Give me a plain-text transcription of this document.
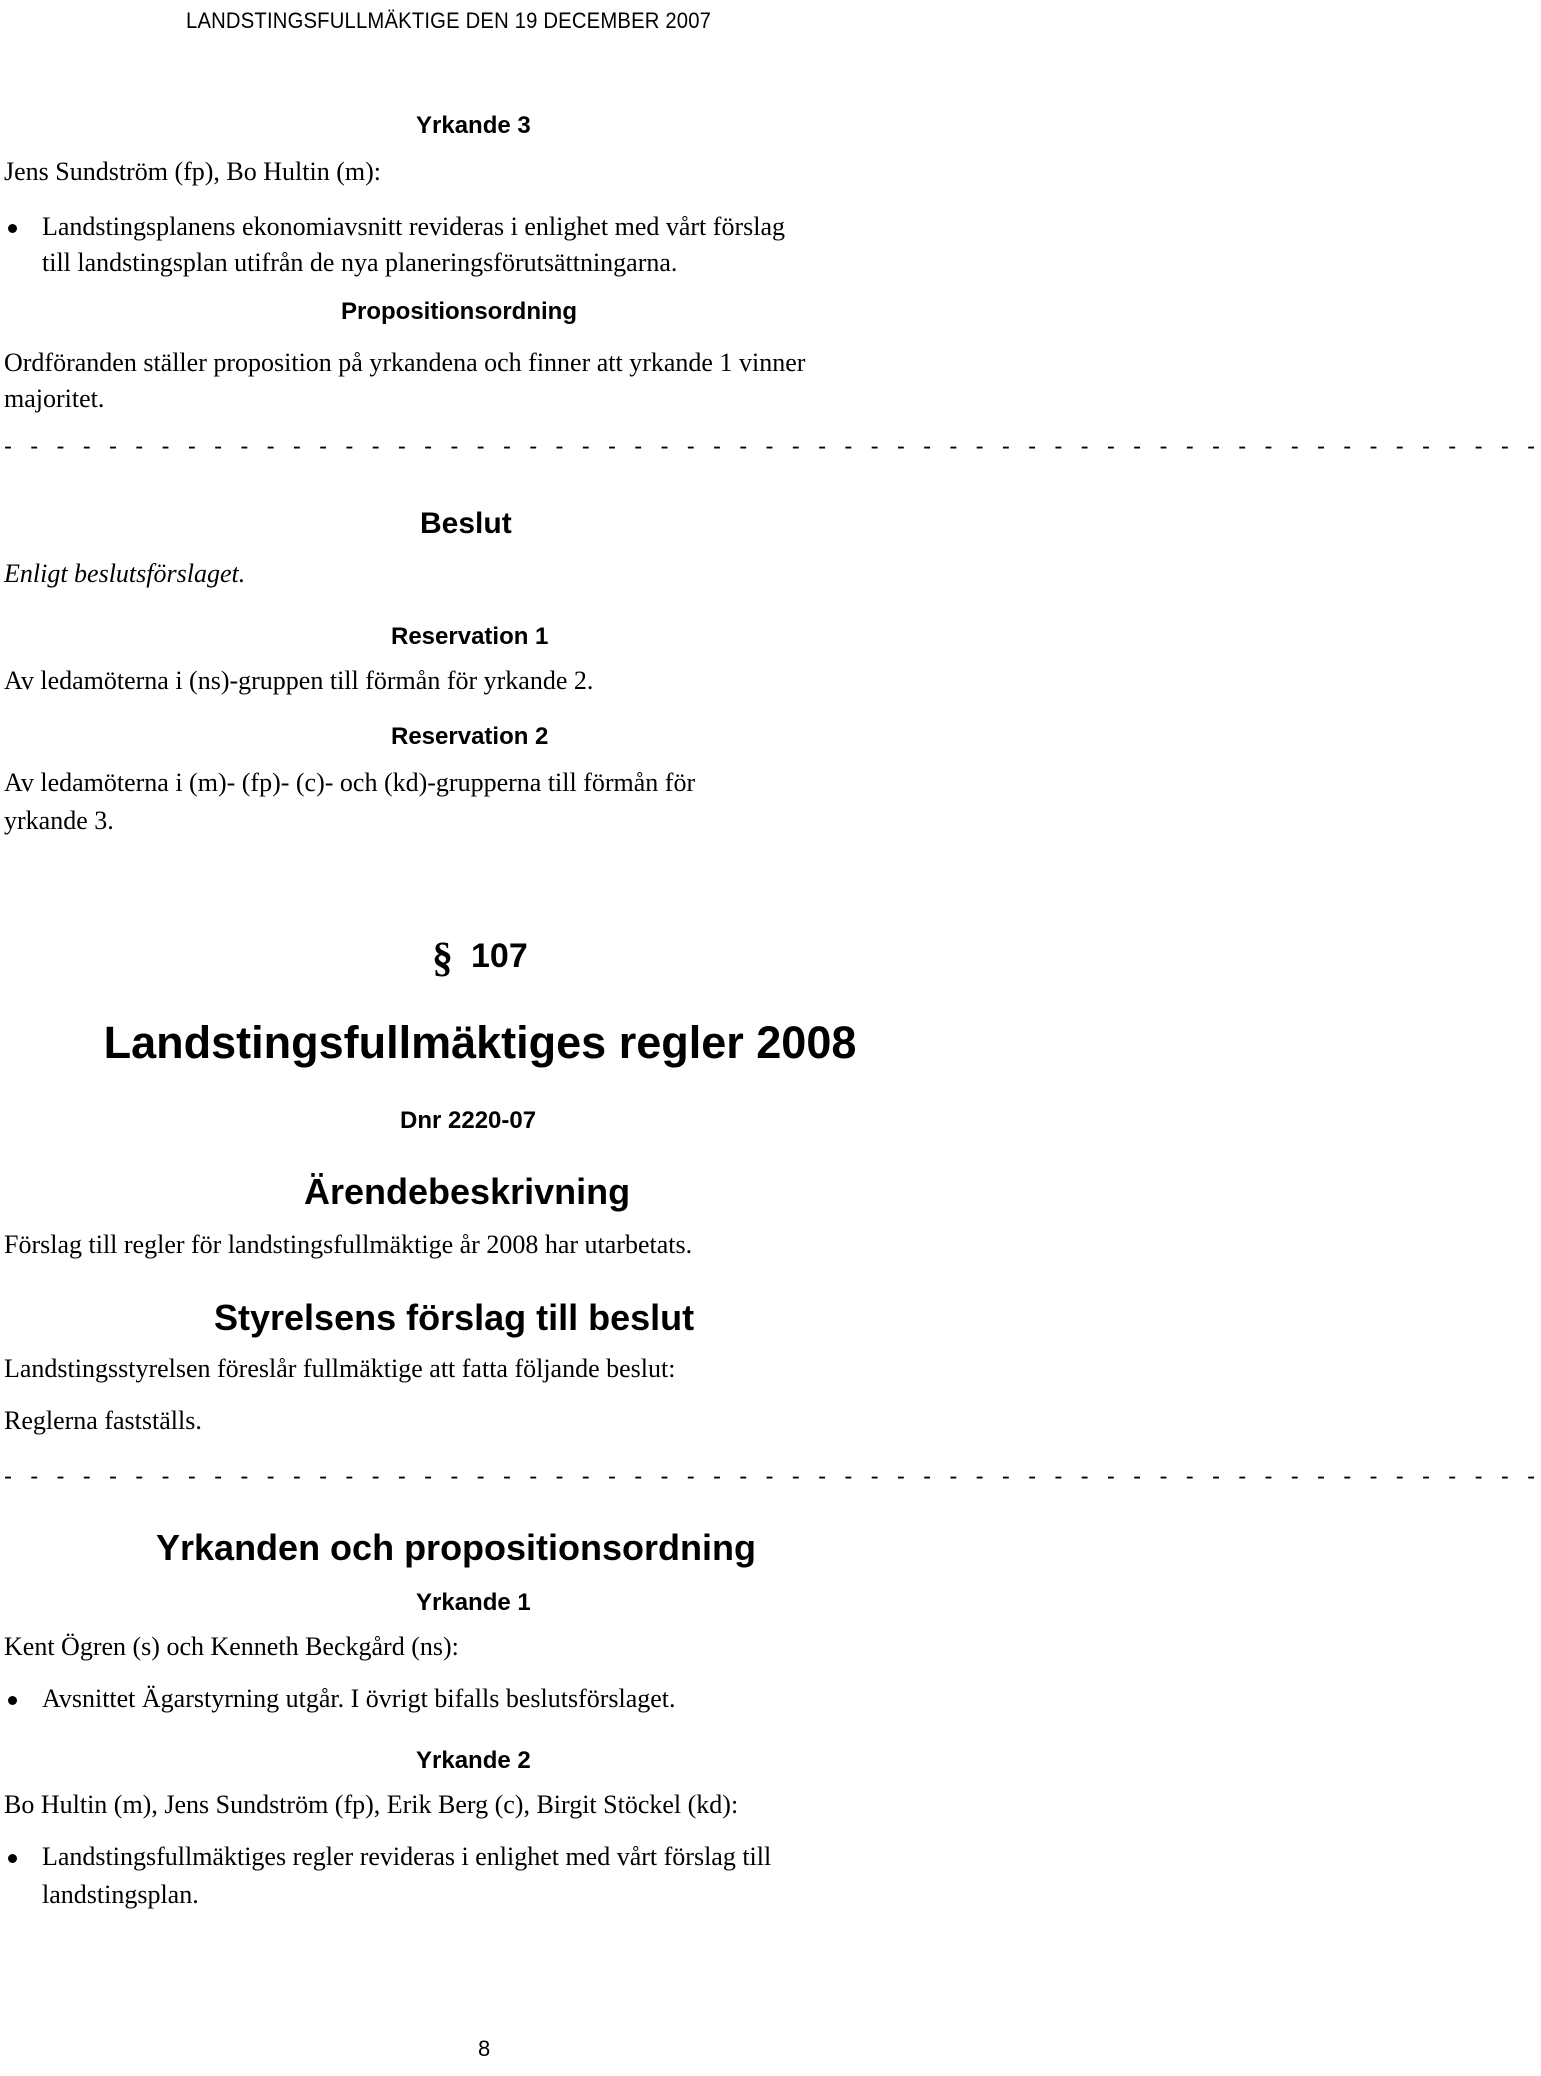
LANDSTINGSFULLMÄKTIGE DEN 19 DECEMBER 2007
Yrkande 3
Jens Sundström (fp), Bo Hultin (m):
Landstingsplanens ekonomiavsnitt revideras i enlighet med vårt förslag
till landstingsplan utifrån de nya planeringsförutsättningarna.
Propositionsordning
Ordföranden ställer proposition på yrkandena och finner att yrkande 1 vinner
majoritet.
- - - - - - - - - - - - - - - - - - - - - - - - - - - - - - - - - - - - - - - - - - - - - - - - - - - - - - - - - - -
Beslut
Enligt beslutsförslaget.
Reservation 1
Av ledamöterna i (ns)-gruppen till förmån för yrkande 2.
Reservation 2
Av ledamöterna i (m)- (fp)- (c)- och (kd)-grupperna till förmån för
yrkande 3.
§ 107
Landstingsfullmäktiges regler 2008
Dnr 2220-07
Ärendebeskrivning
Förslag till regler för landstingsfullmäktige år 2008 har utarbetats.
Styrelsens förslag till beslut
Landstingsstyrelsen föreslår fullmäktige att fatta följande beslut:
Reglerna fastställs.
- - - - - - - - - - - - - - - - - - - - - - - - - - - - - - - - - - - - - - - - - - - - - - - - - - - - - - - - - - -
Yrkanden och propositionsordning
Yrkande 1
Kent Ögren (s) och Kenneth Beckgård (ns):
Avsnittet Ägarstyrning utgår. I övrigt bifalls beslutsförslaget.
Yrkande 2
Bo Hultin (m), Jens Sundström (fp), Erik Berg (c), Birgit Stöckel (kd):
Landstingsfullmäktiges regler revideras i enlighet med vårt förslag till
landstingsplan.
8
